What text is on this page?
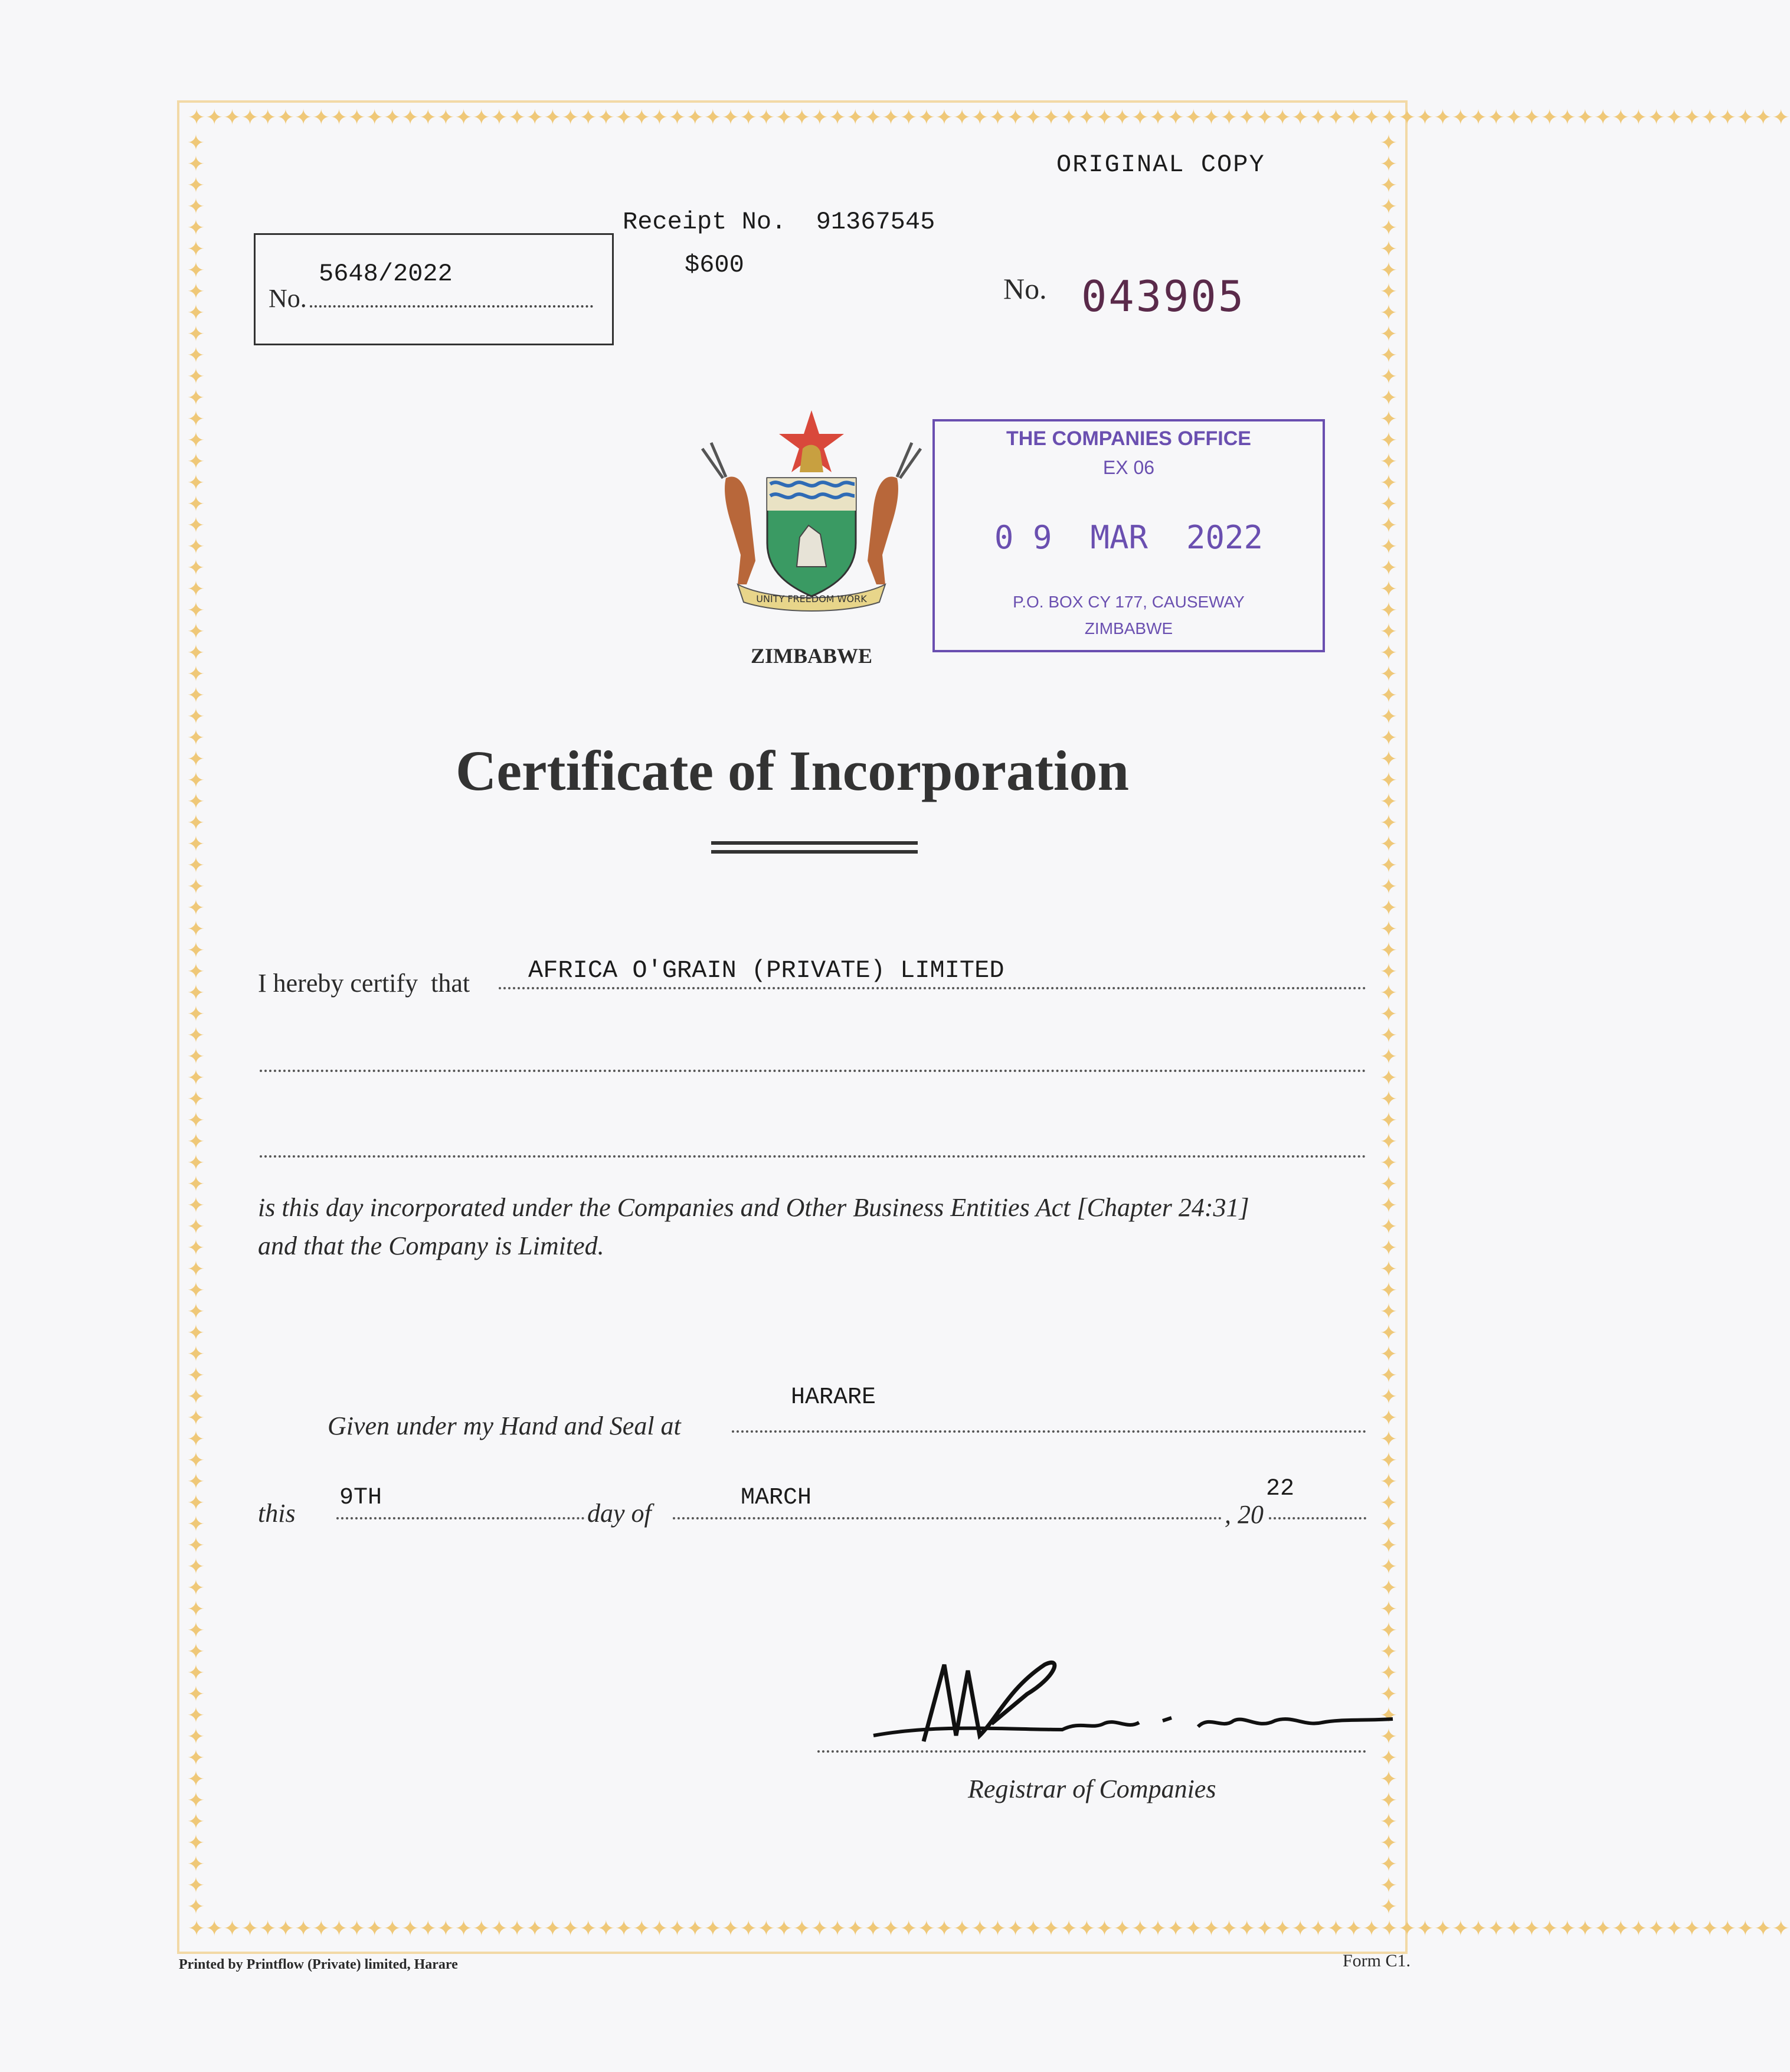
✦✦✦✦✦✦✦✦✦✦✦✦✦✦✦✦✦✦✦✦✦✦✦✦✦✦✦✦✦✦✦✦✦✦✦✦✦✦✦✦✦✦✦✦✦✦✦✦✦✦✦✦✦✦✦✦✦✦✦✦✦✦✦✦✦✦✦✦✦✦✦✦✦✦✦✦✦✦✦✦✦✦✦✦✦✦✦✦✦✦
✦✦✦✦✦✦✦✦✦✦✦✦✦✦✦✦✦✦✦✦✦✦✦✦✦✦✦✦✦✦✦✦✦✦✦✦✦✦✦✦✦✦✦✦✦✦✦✦✦✦✦✦✦✦✦✦✦✦✦✦✦✦✦✦✦✦✦✦✦✦✦✦✦✦✦✦✦✦✦✦✦✦✦✦✦✦✦✦✦✦
✦✦✦✦✦✦✦✦✦✦✦✦✦✦✦✦✦✦✦✦✦✦✦✦✦✦✦✦✦✦✦✦✦✦✦✦✦✦✦✦✦✦✦✦✦✦✦✦✦✦✦✦✦✦✦✦✦✦✦✦✦✦✦✦✦✦✦✦✦✦✦✦✦✦✦✦✦✦✦✦✦✦✦✦
✦✦✦✦✦✦✦✦✦✦✦✦✦✦✦✦✦✦✦✦✦✦✦✦✦✦✦✦✦✦✦✦✦✦✦✦✦✦✦✦✦✦✦✦✦✦✦✦✦✦✦✦✦✦✦✦✦✦✦✦✦✦✦✦✦✦✦✦✦✦✦✦✦✦✦✦✦✦✦✦✦✦✦✦
ORIGINAL COPY
Receipt No.  91367545
$600
No.
5648/2022	No. 043905
UNITY FREEDOM WORK
ZIMBABWE
THE COMPANIES OFFICE
EX 06
0 9  MAR  2022
P.O. BOX CY 177, CAUSEWAY
ZIMBABWE
Certificate of Incorporation
I hereby certify  that AFRICA O'GRAIN (PRIVATE) LIMITED
is this day incorporated under the Companies and Other Business Entities Act [Chapter 24:31]
and that the Company is Limited.
Given under my Hand and Seal at
HARARE
this
9TH
day of
MARCH
, 20
22
Registrar of Companies
Printed by Printflow (Private) limited, Harare	Form C1.
